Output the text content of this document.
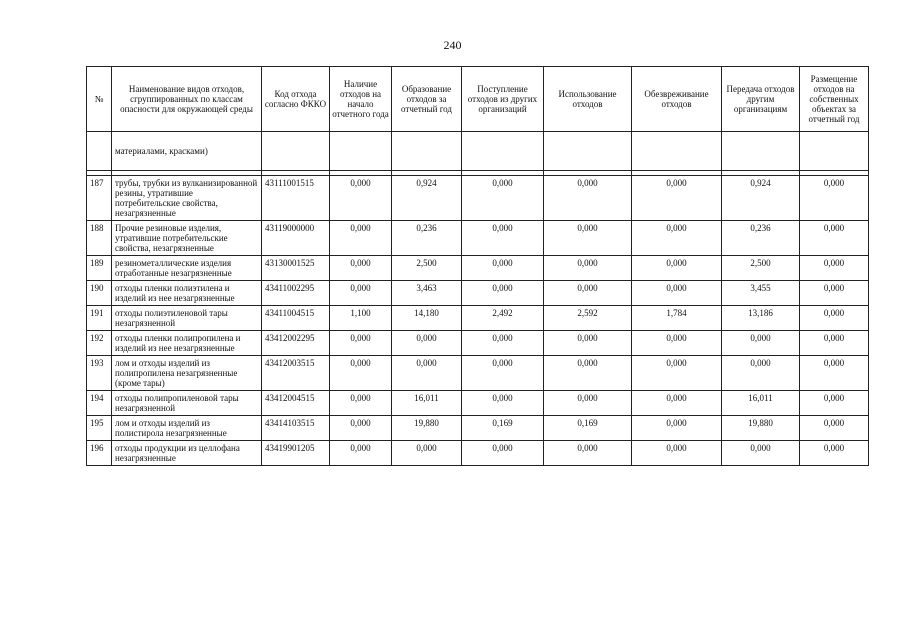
240
№	Наименование видов отходов, сгруппированных по классам опасности для окружающей среды	Код отхода согласно ФККО	Наличие отходов на начало отчетного года	Образование отходов за отчетный год	Поступление отходов из других организаций	Использование отходов	Обезвреживание отходов	Передача отходов другим организациям	Размещение отходов на собственных объектах за отчетный год
	материалами, красками)								

187	трубы, трубки из вулканизированной резины, утратившие потребительские свойства, незагрязненные	43111001515	0,000	0,924	0,000	0,000	0,000	0,924	0,000
188	Прочие резиновые изделия, утратившие потребительские свойства, незагрязненные	43119000000	0,000	0,236	0,000	0,000	0,000	0,236	0,000
189	резинометаллические изделия отработанные незагрязненные	43130001525	0,000	2,500	0,000	0,000	0,000	2,500	0,000
190	отходы пленки полиэтилена и изделий из нее незагрязненные	43411002295	0,000	3,463	0,000	0,000	0,000	3,455	0,000
191	отходы полиэтиленовой тары незагрязненной	43411004515	1,100	14,180	2,492	2,592	1,784	13,186	0,000
192	отходы пленки полипропилена и изделий из нее незагрязненные	43412002295	0,000	0,000	0,000	0,000	0,000	0,000	0,000
193	лом и отходы изделий из полипропилена незагрязненные (кроме тары)	43412003515	0,000	0,000	0,000	0,000	0,000	0,000	0,000
194	отходы полипропиленовой тары незагрязненной	43412004515	0,000	16,011	0,000	0,000	0,000	16,011	0,000
195	лом и отходы изделий из полистирола незагрязненные	43414103515	0,000	19,880	0,169	0,169	0,000	19,880	0,000
196	отходы продукции из целлофана незагрязненные	43419901205	0,000	0,000	0,000	0,000	0,000	0,000	0,000
